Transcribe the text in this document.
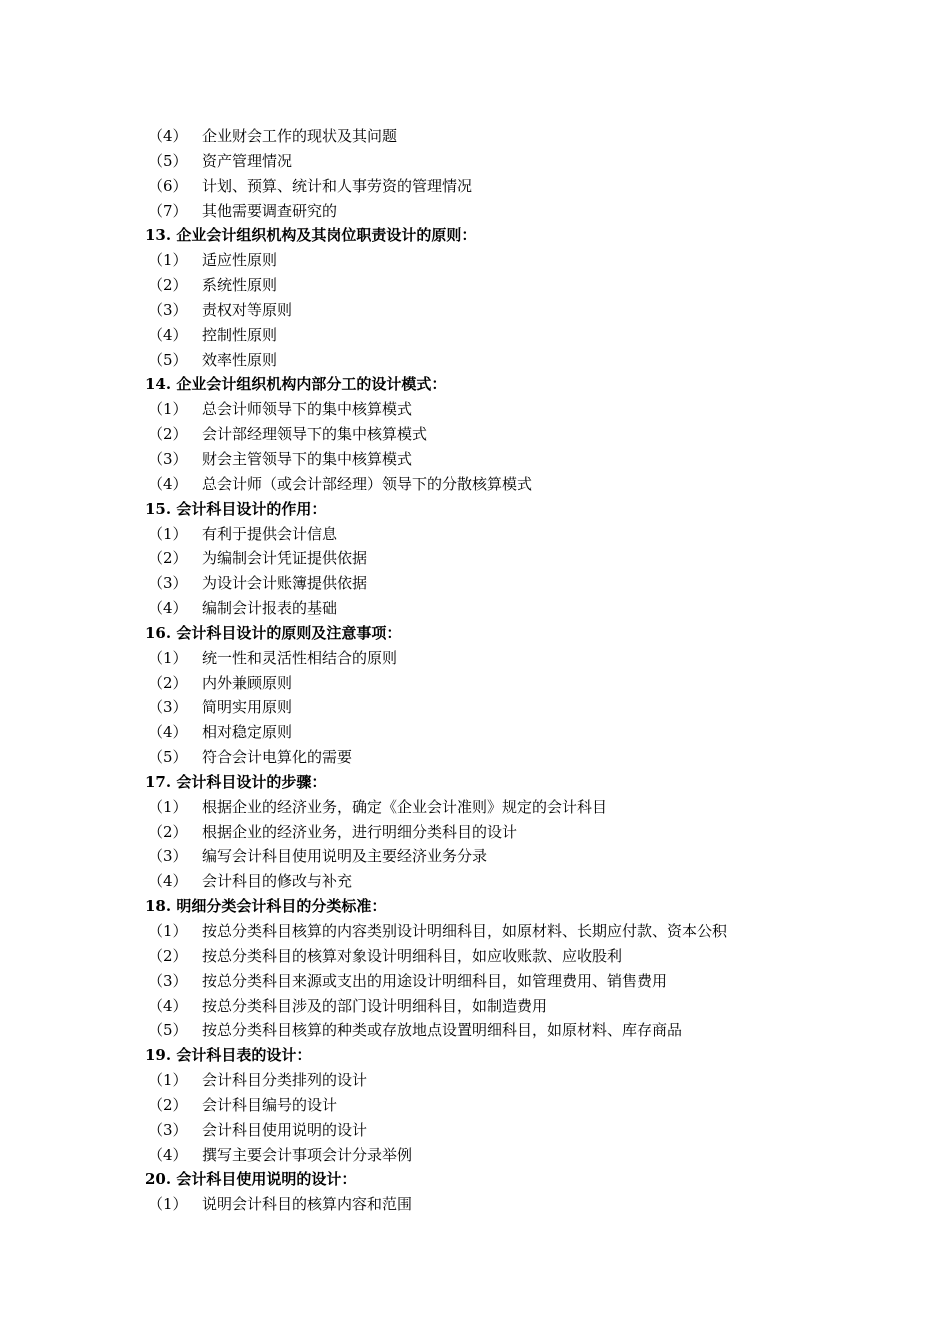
（4） 企业财会工作的现状及其问题
（5） 资产管理情况
（6） 计划、预算、统计和人事劳资的管理情况
（7） 其他需要调查研究的
13. 企业会计组织机构及其岗位职责设计的原则：
（1） 适应性原则
（2） 系统性原则
（3） 责权对等原则
（4） 控制性原则
（5） 效率性原则
14. 企业会计组织机构内部分工的设计模式：
（1） 总会计师领导下的集中核算模式
（2） 会计部经理领导下的集中核算模式
（3） 财会主管领导下的集中核算模式
（4） 总会计师（或会计部经理）领导下的分散核算模式
15. 会计科目设计的作用：
（1） 有利于提供会计信息
（2） 为编制会计凭证提供依据
（3） 为设计会计账簿提供依据
（4） 编制会计报表的基础
16. 会计科目设计的原则及注意事项：
（1） 统一性和灵活性相结合的原则
（2） 内外兼顾原则
（3） 简明实用原则
（4） 相对稳定原则
（5） 符合会计电算化的需要
17. 会计科目设计的步骤：
（1） 根据企业的经济业务，确定《企业会计准则》规定的会计科目
（2） 根据企业的经济业务，进行明细分类科目的设计
（3） 编写会计科目使用说明及主要经济业务分录
（4） 会计科目的修改与补充
18. 明细分类会计科目的分类标准：
（1） 按总分类科目核算的内容类别设计明细科目，如原材料、长期应付款、资本公积
（2） 按总分类科目的核算对象设计明细科目，如应收账款、应收股利
（3） 按总分类科目来源或支出的用途设计明细科目，如管理费用、销售费用
（4） 按总分类科目涉及的部门设计明细科目，如制造费用
（5） 按总分类科目核算的种类或存放地点设置明细科目，如原材料、库存商品
19. 会计科目表的设计：
（1） 会计科目分类排列的设计
（2） 会计科目编号的设计
（3） 会计科目使用说明的设计
（4） 撰写主要会计事项会计分录举例
20. 会计科目使用说明的设计：
（1） 说明会计科目的核算内容和范围
